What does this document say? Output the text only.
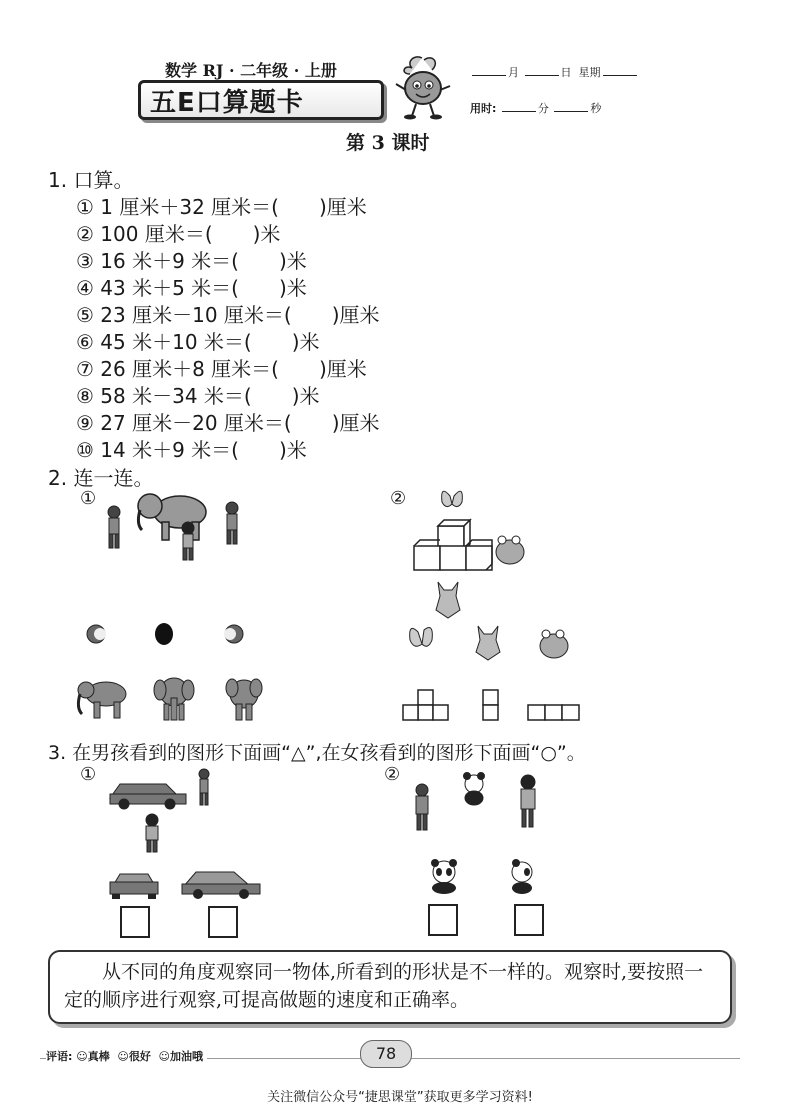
数学 RJ · 二年级 · 上册
五E口算题卡
月	日 星期
用时:	分	秒
第 3 课时
1. 口算。
① 1 厘米＋32 厘米＝(　　)厘米
② 100 厘米＝(　　)米
③ 16 米＋9 米＝(　　)米
④ 43 米＋5 米＝(　　)米
⑤ 23 厘米－10 厘米＝(　　)厘米
⑥ 45 米＋10 米＝(　　)米
⑦ 26 厘米＋8 厘米＝(　　)厘米
⑧ 58 米－34 米＝(　　)米
⑨ 27 厘米－20 厘米＝(　　)厘米
⑩ 14 米＋9 米＝(　　)米
2. 连一连。
①	②
3. 在男孩看到的图形下面画“△”,在女孩看到的图形下面画“○”。
①	②
从不同的角度观察同一物体,所看到的形状是不一样的。观察时,要按照一定的顺序进行观察,可提高做题的速度和正确率。
评语: ☺真棒 ☺很好 ☺加油哦	78
关注微信公众号“捷思课堂”获取更多学习资料!
